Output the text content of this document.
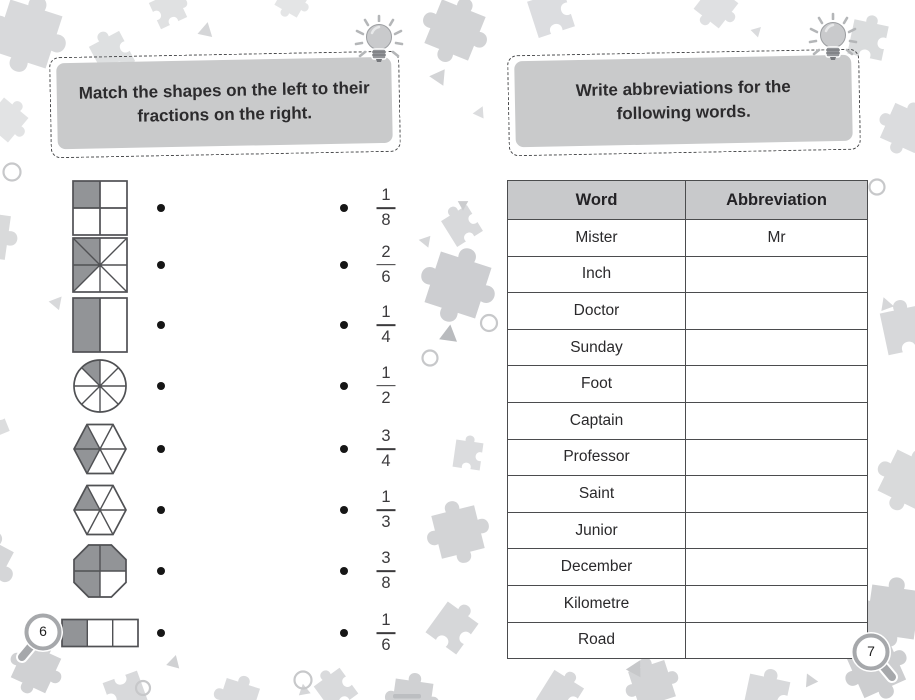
Match the shapes on the left to their fractions on the right.
1
8
2
6
1
4
1
2
3
4
1
3
3
8
1
6
6
Write abbreviations for the following words.
Word	Abbreviation
Mister	Mr
Inch	
Doctor	
Sunday	
Foot	
Captain	
Professor	
Saint	
Junior	
December	
Kilometre	
Road	
7
